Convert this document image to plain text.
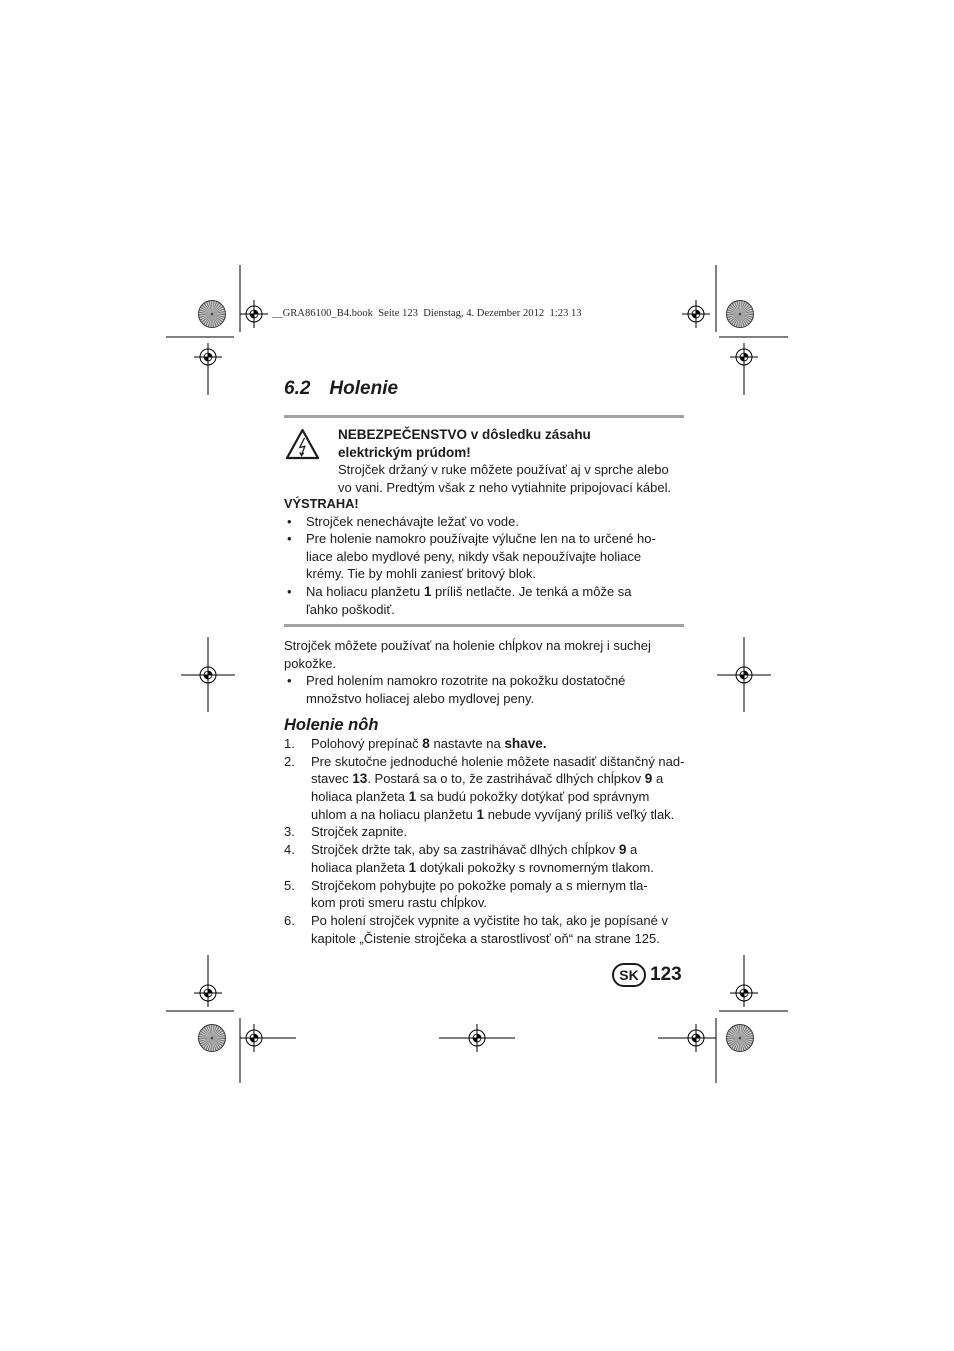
__GRA86100_B4.book  Seite 123  Dienstag, 4. Dezember 2012  1:23 13
6.2 Holenie
NEBEZPEČENSTVO v dôsledku zásahu
elektrickým prúdom!
Strojček držaný v ruke môžete používať aj v sprche alebo
vo vani. Predtým však z neho vytiahnite pripojovací kábel.
VÝSTRAHA!
• Strojček nenechávajte ležať vo vode.
• Pre holenie namokro používajte výlučne len na to určené ho-
liace alebo mydlové peny, nikdy však nepoužívajte holiace
krémy. Tie by mohli zaniesť britový blok.
• Na holiacu planžetu 1 príliš netlačte. Je tenká a môže sa
ľahko poškodiť.
Strojček môžete používať na holenie chĺpkov na mokrej i suchej
pokožke.
• Pred holením namokro rozotrite na pokožku dostatočné
množstvo holiacej alebo mydlovej peny.
Holenie nôh
1. Polohový prepínač 8 nastavte na shave.
2. Pre skutočne jednoduché holenie môžete nasadiť dištančný nad-
stavec 13. Postará sa o to, že zastrihávač dlhých chĺpkov 9 a
holiaca planžeta 1 sa budú pokožky dotýkať pod správnym
uhlom a na holiacu planžetu 1 nebude vyvíjaný príliš veľký tlak.
3. Strojček zapnite.
4. Strojček držte tak, aby sa zastrihávač dlhých chĺpkov 9 a
holiaca planžeta 1 dotýkali pokožky s rovnomerným tlakom.
5. Strojčekom pohybujte po pokožke pomaly a s miernym tla-
kom proti smeru rastu chĺpkov.
6. Po holení strojček vypnite a vyčistite ho tak, ako je popísané v
kapitole „Čistenie strojčeka a starostlivosť oň“ na strane 125.
SK 123
